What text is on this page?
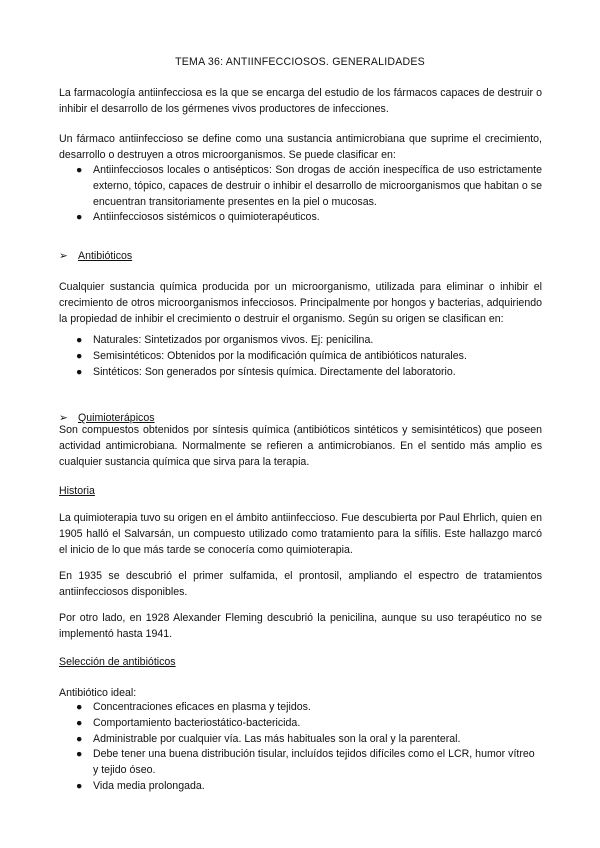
TEMA 36: ANTIINFECCIOSOS. GENERALIDADES
La farmacología antiinfecciosa es la que se encarga del estudio de los fármacos capaces de destruir o inhibir el desarrollo de los gérmenes vivos productores de infecciones.
Un fármaco antiinfeccioso se define como una sustancia antimicrobiana que suprime el crecimiento, desarrollo o destruyen a otros microorganismos. Se puede clasificar en:
● Antiinfecciosos locales o antisépticos: Son drogas de acción inespecífica de uso estrictamente externo, tópico, capaces de destruir o inhibir el desarrollo de microorganismos que habitan o se encuentran transitoriamente presentes en la piel o mucosas.
● Antiinfecciosos sistémicos o quimioterapéuticos.
➢ Antibióticos
Cualquier sustancia química producida por un microorganismo, utilizada para eliminar o inhibir el crecimiento de otros microorganismos infecciosos. Principalmente por hongos y bacterias, adquiriendo la propiedad de inhibir el crecimiento o destruir el organismo. Según su origen se clasifican en:
● Naturales: Sintetizados por organismos vivos. Ej: penicilina.
● Semisintéticos: Obtenidos por la modificación química de antibióticos naturales.
● Sintéticos: Son generados por síntesis química. Directamente del laboratorio.
➢ Quimioterápicos
Son compuestos obtenidos por síntesis química (antibióticos sintéticos y semisintéticos) que poseen actividad antimicrobiana. Normalmente se refieren a antimicrobianos. En el sentido más amplio es cualquier sustancia química que sirva para la terapia.
Historia
La quimioterapia tuvo su origen en el ámbito antiinfeccioso. Fue descubierta por Paul Ehrlich, quien en 1905 halló el Salvarsán, un compuesto utilizado como tratamiento para la sífilis. Este hallazgo marcó el inicio de lo que más tarde se conocería como quimioterapia.
En 1935 se descubrió el primer sulfamida, el prontosil, ampliando el espectro de tratamientos antiinfecciosos disponibles.
Por otro lado, en 1928 Alexander Fleming descubrió la penicilina, aunque su uso terapéutico no se implementó hasta 1941.
Selección de antibióticos
Antibiótico ideal:
● Concentraciones eficaces en plasma y tejidos.
● Comportamiento bacteriostático-bactericida.
● Administrable por cualquier vía. Las más habituales son la oral y la parenteral.
● Debe tener una buena distribución tisular, incluídos tejidos difíciles como el LCR, humor vítreo y tejido óseo.
● Vida media prolongada.
